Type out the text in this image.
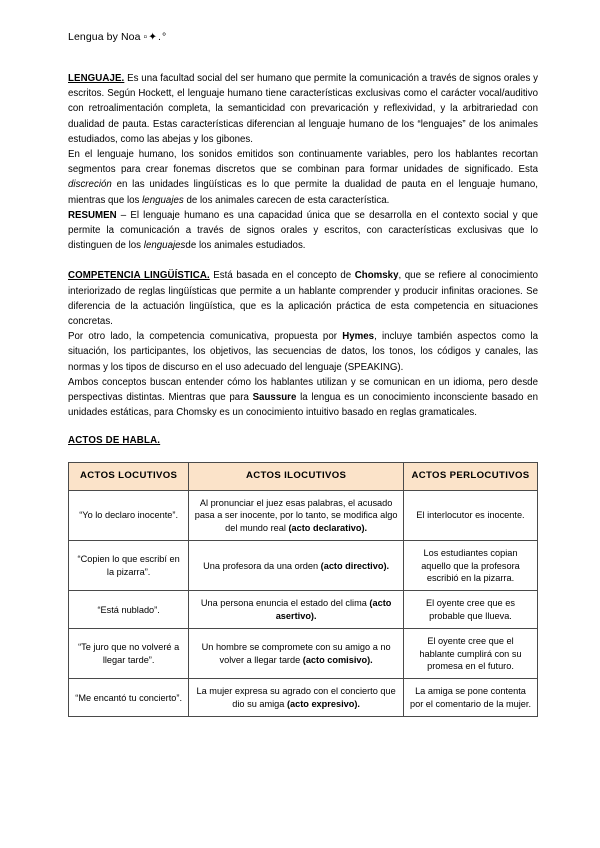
Lengua by Noa ▫✦.°

LENGUAJE. Es una facultad social del ser humano que permite la comunicación a través de signos orales y escritos. Según Hockett, el lenguaje humano tiene características exclusivas como el carácter vocal/auditivo con retroalimentación completa, la semanticidad con prevaricación y reflexividad, y la arbitrariedad con dualidad de pauta. Estas características diferencian al lenguaje humano de los “lenguajes” de los animales estudiados, como las abejas y los gibones.

En el lenguaje humano, los sonidos emitidos son continuamente variables, pero los hablantes recortan segmentos para crear fonemas discretos que se combinan para formar unidades de significado. Esta discreción en las unidades lingüísticas es lo que permite la dualidad de pauta en el lenguaje humano, mientras que los lenguajes de los animales carecen de esta característica.

RESUMEN – El lenguaje humano es una capacidad única que se desarrolla en el contexto social y que permite la comunicación a través de signos orales y escritos, con características exclusivas que lo distinguen de los lenguajesde los animales estudiados.

COMPETENCIA LINGÜÍSTICA. Está basada en el concepto de Chomsky, que se refiere al conocimiento interiorizado de reglas lingüísticas que permite a un hablante comprender y producir infinitas oraciones. Se diferencia de la actuación lingüística, que es la aplicación práctica de esta competencia en situaciones concretas.

Por otro lado, la competencia comunicativa, propuesta por Hymes, incluye también aspectos como la situación, los participantes, los objetivos, las secuencias de datos, los tonos, los códigos y canales, las normas y los tipos de discurso en el uso adecuado del lenguaje (SPEAKING).

Ambos conceptos buscan entender cómo los hablantes utilizan y se comunican en un idioma, pero desde perspectivas distintas. Mientras que para Saussure la lengua es un conocimiento inconsciente basado en unidades estáticas, para Chomsky es un conocimiento intuitivo basado en reglas gramaticales.

ACTOS DE HABLA.
ACTOS LOCUTIVOS	ACTOS ILOCUTIVOS	ACTOS PERLOCUTIVOS
“Yo lo declaro inocente”.	Al pronunciar el juez esas palabras, el acusado pasa a ser inocente, por lo tanto, se modifica algo del mundo real (acto declarativo).	El interlocutor es inocente.
“Copien lo que escribí en la pizarra”.	Una profesora da una orden (acto directivo).	Los estudiantes copian aquello que la profesora escribió en la pizarra.
“Está nublado”.	Una persona enuncia el estado del clima (acto asertivo).	El oyente cree que es probable que llueva.
“Te juro que no volveré a llegar tarde”.	Un hombre se compromete con su amigo a no volver a llegar tarde (acto comisivo).	El oyente cree que el hablante cumplirá con su promesa en el futuro.
“Me encantó tu concierto”.	La mujer expresa su agrado con el concierto que dio su amiga (acto expresivo).	La amiga se pone contenta por el comentario de la mujer.
